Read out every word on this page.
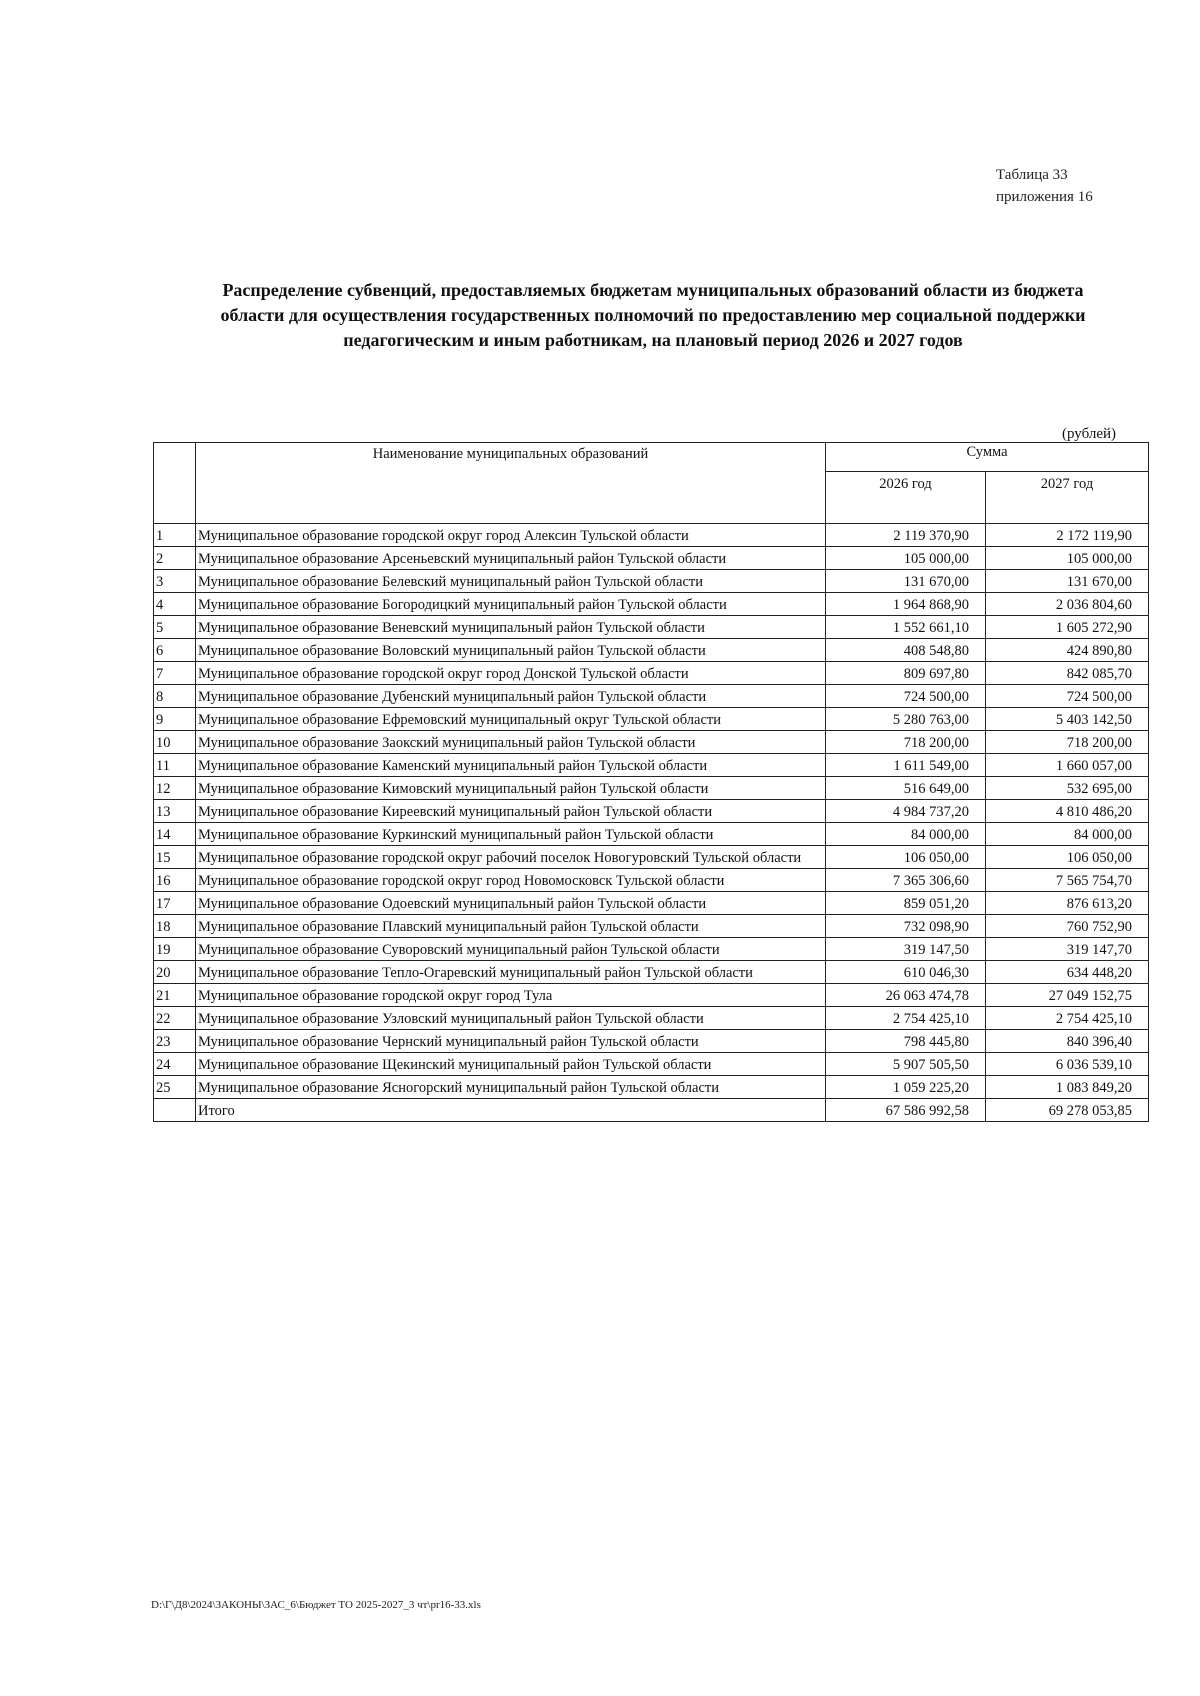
Таблица 33
приложения 16
Распределение субвенций, предоставляемых бюджетам муниципальных образований области из бюджета
области для осуществления государственных полномочий по предоставлению мер социальной поддержки
педагогическим и иным работникам, на плановый период 2026 и 2027 годов
(рублей)
	Наименование муниципальных образований	Сумма	
		2026 год	2027 год
1	Муниципальное образование городской округ город Алексин Тульской области	2 119 370,90	2 172 119,90
2	Муниципальное образование Арсеньевский муниципальный район Тульской области	105 000,00	105 000,00
3	Муниципальное образование Белевский муниципальный район Тульской области	131 670,00	131 670,00
4	Муниципальное образование Богородицкий муниципальный район Тульской области	1 964 868,90	2 036 804,60
5	Муниципальное образование Веневский муниципальный район Тульской области	1 552 661,10	1 605 272,90
6	Муниципальное образование Воловский муниципальный район Тульской области	408 548,80	424 890,80
7	Муниципальное образование городской округ город Донской Тульской области	809 697,80	842 085,70
8	Муниципальное образование Дубенский муниципальный район Тульской области	724 500,00	724 500,00
9	Муниципальное образование Ефремовский муниципальный округ Тульской области	5 280 763,00	5 403 142,50
10	Муниципальное образование Заокский муниципальный район Тульской области	718 200,00	718 200,00
11	Муниципальное образование Каменский муниципальный район Тульской области	1 611 549,00	1 660 057,00
12	Муниципальное образование Кимовский муниципальный район Тульской области	516 649,00	532 695,00
13	Муниципальное образование Киреевский муниципальный район Тульской области	4 984 737,20	4 810 486,20
14	Муниципальное образование Куркинский муниципальный район Тульской области	84 000,00	84 000,00
15	Муниципальное образование городской округ рабочий поселок Новогуровский Тульской области	106 050,00	106 050,00
16	Муниципальное образование городской округ город Новомосковск Тульской области	7 365 306,60	7 565 754,70
17	Муниципальное образование Одоевский муниципальный район Тульской области	859 051,20	876 613,20
18	Муниципальное образование Плавский муниципальный район Тульской области	732 098,90	760 752,90
19	Муниципальное образование Суворовский муниципальный район Тульской области	319 147,50	319 147,70
20	Муниципальное образование Тепло-Огаревский муниципальный район Тульской области	610 046,30	634 448,20
21	Муниципальное образование городской округ город Тула	26 063 474,78	27 049 152,75
22	Муниципальное образование Узловский муниципальный район Тульской области	2 754 425,10	2 754 425,10
23	Муниципальное образование Чернский муниципальный район Тульской области	798 445,80	840 396,40
24	Муниципальное образование Щекинский муниципальный район Тульской области	5 907 505,50	6 036 539,10
25	Муниципальное образование Ясногорский муниципальный район Тульской области	1 059 225,20	1 083 849,20
	Итого	67 586 992,58	69 278 053,85
D:\Г\Д8\2024\ЗАКОНЫ\ЗАС_6\Бюджет ТО 2025-2027_3 чт\pr16-33.xls
